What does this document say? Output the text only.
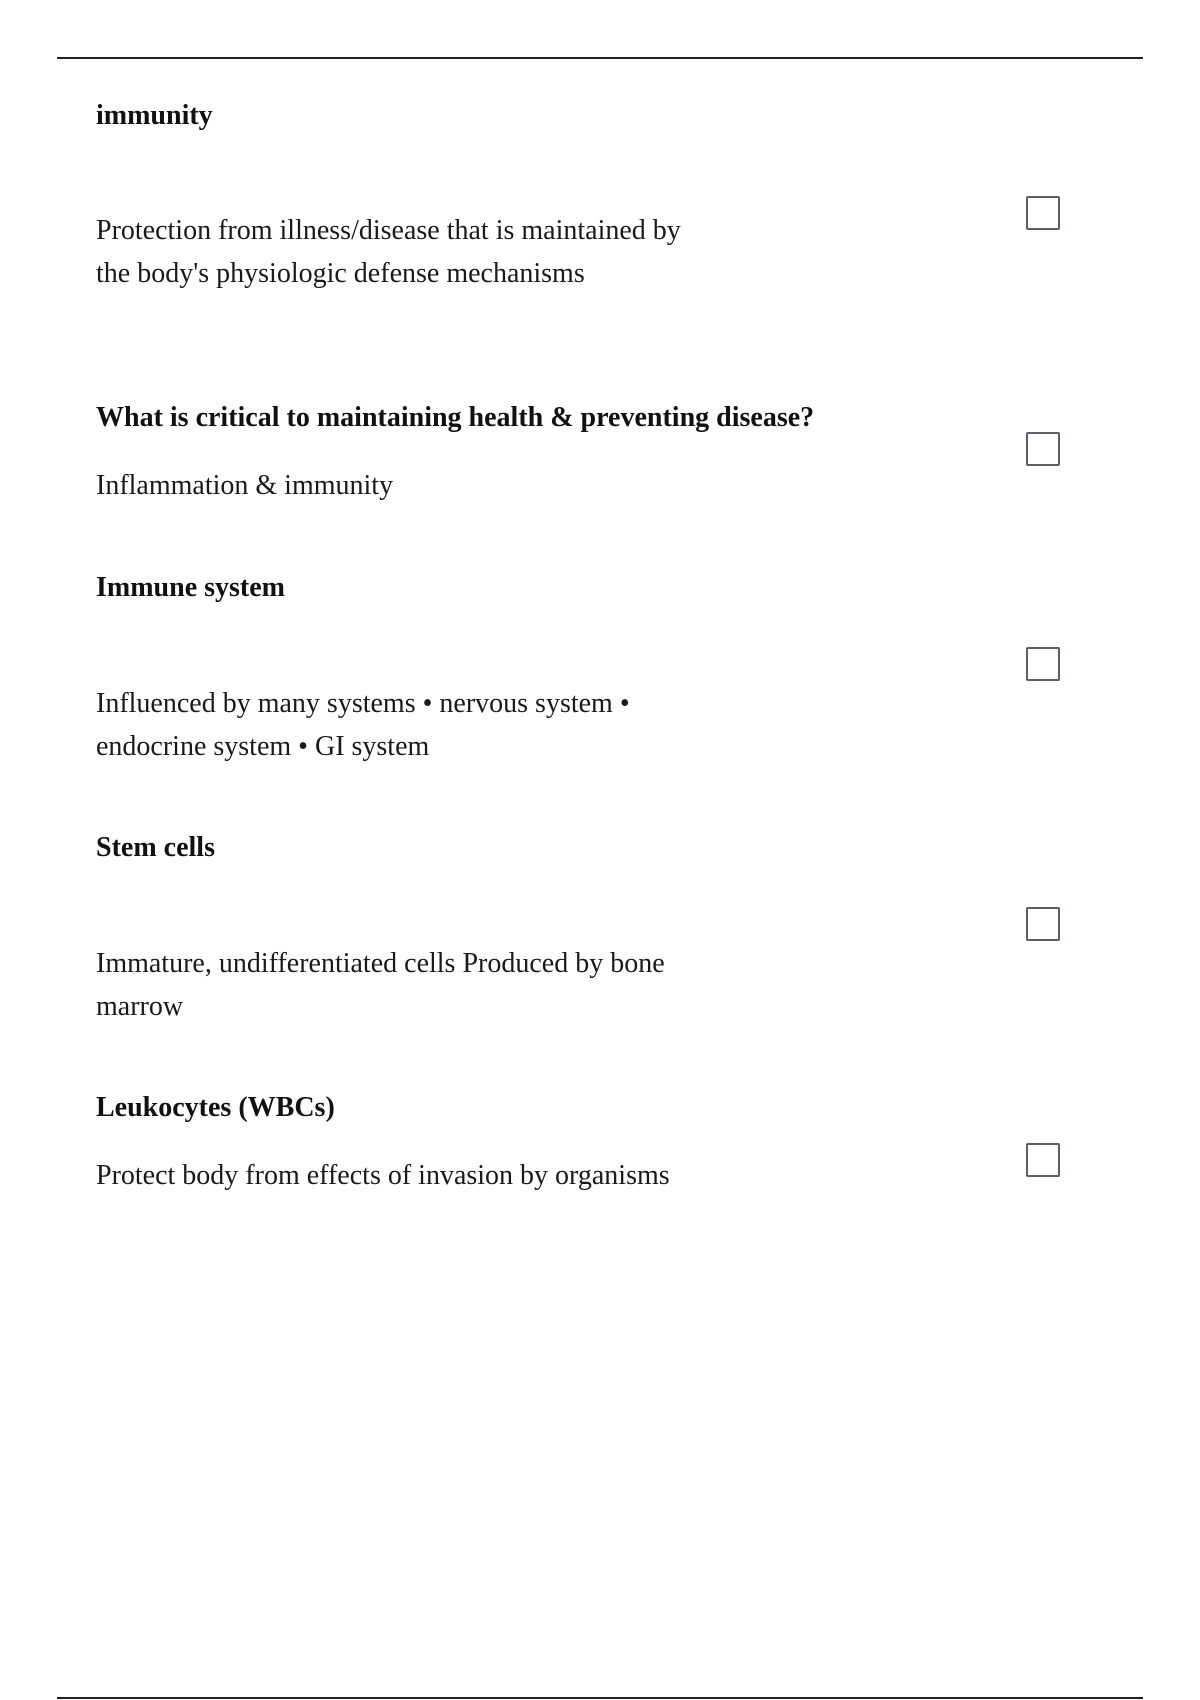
immunity

Protection from illness/disease that is maintained by the body's physiologic defense mechanisms

What is critical to maintaining health & preventing disease?

Inflammation & immunity

Immune system

Influenced by many systems • nervous system • endocrine system • GI system

Stem cells

Immature, undifferentiated cells Produced by bone marrow

Leukocytes (WBCs)

Protect body from effects of invasion by organisms
